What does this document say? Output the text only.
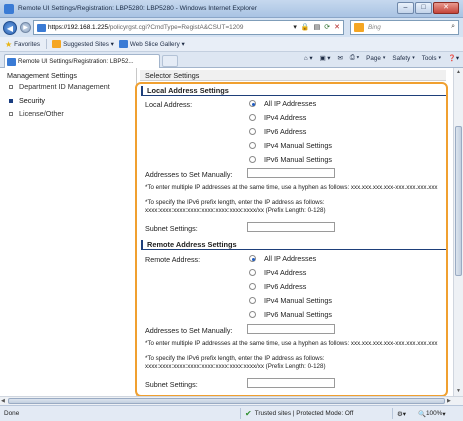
Remote UI Settings/Registration: LBP5280: LBP5280 - Windows Internet Explorer	–	□	✕
◀	▶	https://192.168.1.225 /policyrgst.cgi?CmdType=RegistA&CSUT=1209	▾ 🔒 ▤ ⟳ ✕	Bing	⌕
★ Favorites	Suggested Sites ▾	Web Slice Gallery ▾
Remote UI Settings/Registration: LBP52...	⌂ ▾ ▣ ▾ ✉ ⎙ ▾ Page ▾ Safety ▾ Tools ▾ ❓▾
Management Settings
Department ID Management
Security
License/Other
Selector Settings
Local Address Settings
Local Address:	All IP Addresses
IPv4 Address
IPv6 Address
IPv4 Manual Settings
IPv6 Manual Settings
Addresses to Set Manually:
*To enter multiple IP addresses at the same time, use a hyphen as follows: xxx.xxx.xxx.xxx-xxx.xxx.xxx.xxx
*To specify the IPv6 prefix length, enter the IP address as follows: xxxx:xxxx:xxxx:xxxx:xxxx:xxxx:xxxx:xxxx/xx (Prefix Length: 0-128)
Subnet Settings:
Remote Address Settings
Remote Address:	All IP Addresses
IPv4 Address
IPv6 Address
IPv4 Manual Settings
IPv6 Manual Settings
Addresses to Set Manually:
*To enter multiple IP addresses at the same time, use a hyphen as follows: xxx.xxx.xxx.xxx-xxx.xxx.xxx.xxx
*To specify the IPv6 prefix length, enter the IP address as follows: xxxx:xxxx:xxxx:xxxx:xxxx:xxxx:xxxx:xxxx/xx (Prefix Length: 0-128)
Subnet Settings:
▲
▼
◀	▶
Done	✔ Trusted sites | Protected Mode: Off	⚙▾ 🔍 100% ▾
